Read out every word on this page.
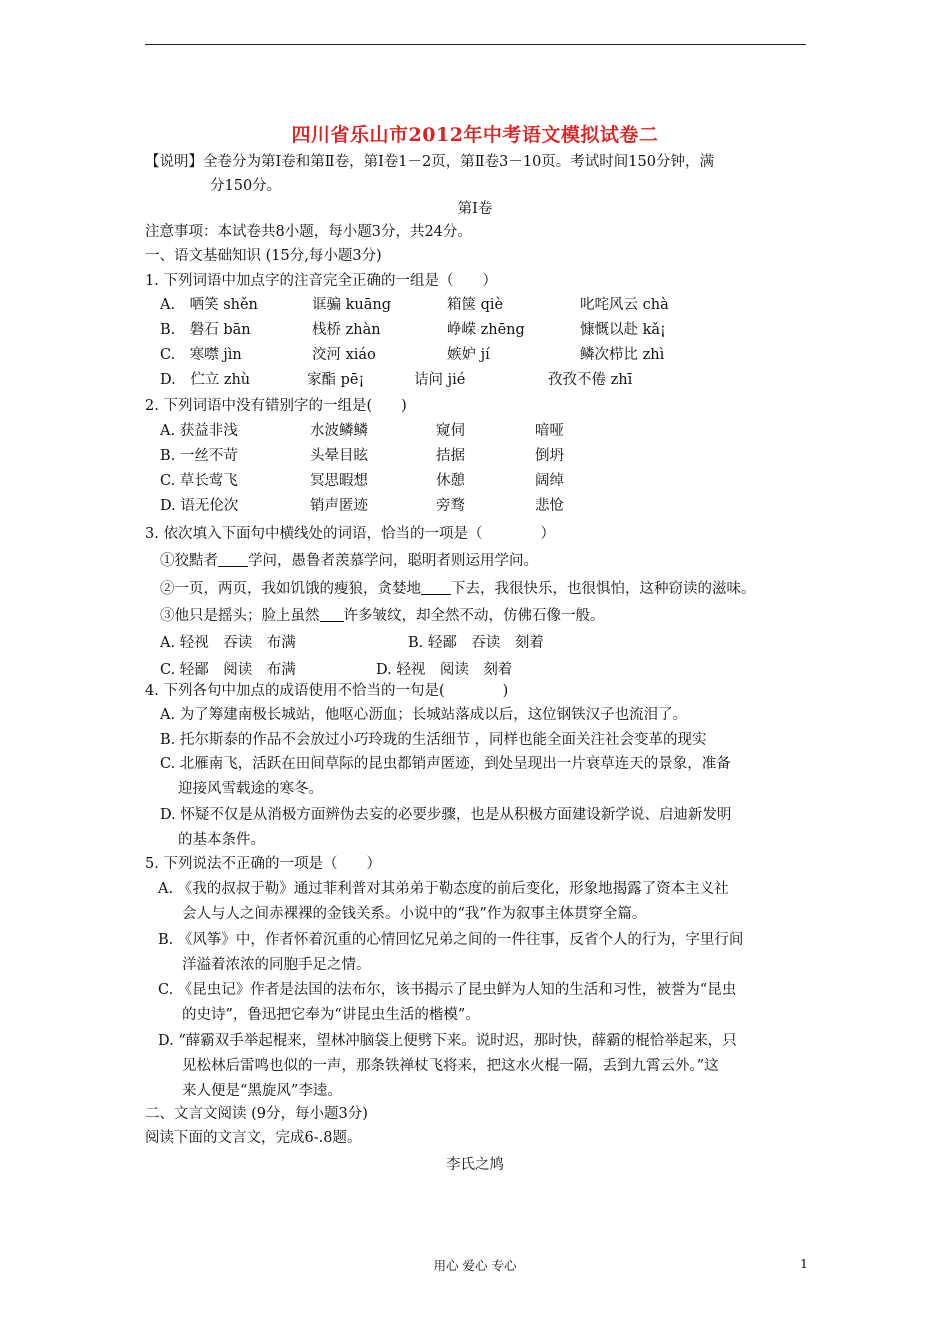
四川省乐山市2012年中考语文模拟试卷二
【说明】全卷分为第Ⅰ卷和第Ⅱ卷，第Ⅰ卷1－2页，第Ⅱ卷3－10页。考试时间150分钟，满
分150分。
第Ⅰ卷
注意事项：本试卷共8小题，每小题3分，共24分。
一、语文基础知识 (15分,每小题3分)
1. 下列词语中加点字的注音完全正确的一组是（　　）
A.　哂笑 shěn	诓骗 kuāng	箱箧 qiè	叱咤风云 chà
B.　磐石 bān	栈桥 zhàn	峥嵘 zhēng	慷慨以赴 kǎ¡
C.　寒噤 jìn	洨河 xiáo	嫉妒 jí	鳞次栉比 zhì
D.　伫立 zhù	家酯 pē¡	诘问 jié	孜孜不倦 zhī
2. 下列词语中没有错别字的一组是(　　)
A. 获益非浅	水波鳞鳞	窥伺	喑哑
B. 一丝不苛	头晕目眩	拮据	倒坍
C. 草长莺飞	冥思暇想	休憩	阔绰
D. 语无伦次	销声匿迹	旁骛	悲怆
3. 依次填入下面句中横线处的词语，恰当的一项是（　　　　）
①狡黠者 学问，愚鲁者羡慕学问，聪明者则运用学问。
②一页，两页，我如饥饿的瘦狼，贪婪地 下去，我很快乐，也很惧怕，这种窃读的滋味。
③他只是摇头；脸上虽然 许多皱纹，却全然不动，仿佛石像一般。
A. 轻视　吞读　布满	B. 轻鄙　吞读　刻着
C. 轻鄙　阅读　布满	D. 轻视　阅读　刻着
4. 下列各句中加点的成语使用不恰当的一句是(　　　　)
A. 为了筹建南极长城站，他呕心沥血；长城站落成以后，这位钢铁汉子也流泪了。
B. 托尔斯泰的作品不会放过小巧玲珑的生活细节 ，同样也能全面关注社会变革的现实
C. 北雁南飞，活跃在田间草际的昆虫都销声匿迹，到处呈现出一片衰草连天的景象，准备
迎接风雪载途的寒冬。
D. 怀疑不仅是从消极方面辨伪去妄的必要步骤，也是从积极方面建设新学说、启迪新发明
的基本条件。
5. 下列说法不正确的一项是（　　）
A. 《我的叔叔于勒》通过菲利普对其弟弟于勒态度的前后变化，形象地揭露了资本主义社
会人与人之间赤裸裸的金钱关系。小说中的“我”作为叙事主体贯穿全篇。
B. 《风筝》中，作者怀着沉重的心情回忆兄弟之间的一件往事，反省个人的行为，字里行间
洋溢着浓浓的同胞手足之情。
C. 《昆虫记》作者是法国的法布尔，该书揭示了昆虫鲜为人知的生活和习性，被誉为“昆虫
的史诗”，鲁迅把它奉为“讲昆虫生活的楷模”。
D. “薛霸双手举起棍来，望林冲脑袋上便劈下来。说时迟，那时快，薛霸的棍恰举起来，只
见松林后雷鸣也似的一声，那条铁禅杖飞将来，把这水火棍一隔，丢到九霄云外。”这
来人便是“黑旋风”李逵。
二、文言文阅读 (9分，每小题3分)
阅读下面的文言文，完成6-.8题。
李氏之鸠
用心 爱心 专心	1
